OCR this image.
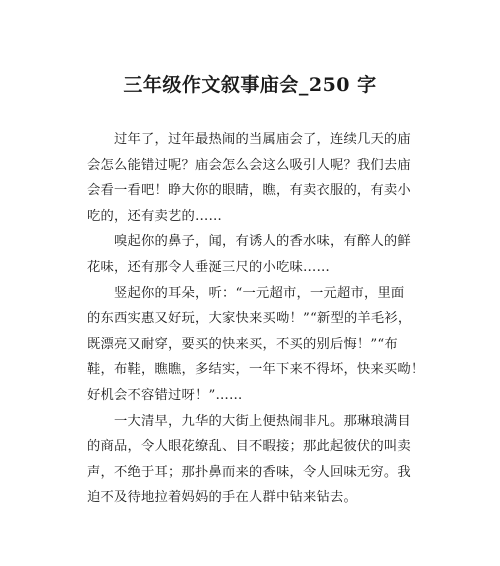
三年级作文叙事庙会_250 字
过年了，过年最热闹的当属庙会了，连续几天的庙
会怎么能错过呢？庙会怎么会这么吸引人呢？我们去庙
会看一看吧！睁大你的眼睛，瞧，有卖衣服的，有卖小
吃的，还有卖艺的……
嗅起你的鼻子，闻，有诱人的香水味，有醉人的鲜
花味，还有那令人垂涎三尺的小吃味……
竖起你的耳朵，听：“一元超市，一元超市，里面
的东西实惠又好玩，大家快来买呦！”“新型的羊毛衫，
既漂亮又耐穿，要买的快来买，不买的别后悔！”“布
鞋，布鞋，瞧瞧，多结实，一年下来不得坏，快来买呦！
好机会不容错过呀！”……
一大清早，九华的大街上便热闹非凡。那琳琅满目
的商品，令人眼花缭乱、目不暇接；那此起彼伏的叫卖
声，不绝于耳；那扑鼻而来的香味，令人回味无穷。我
迫不及待地拉着妈妈的手在人群中钻来钻去。
